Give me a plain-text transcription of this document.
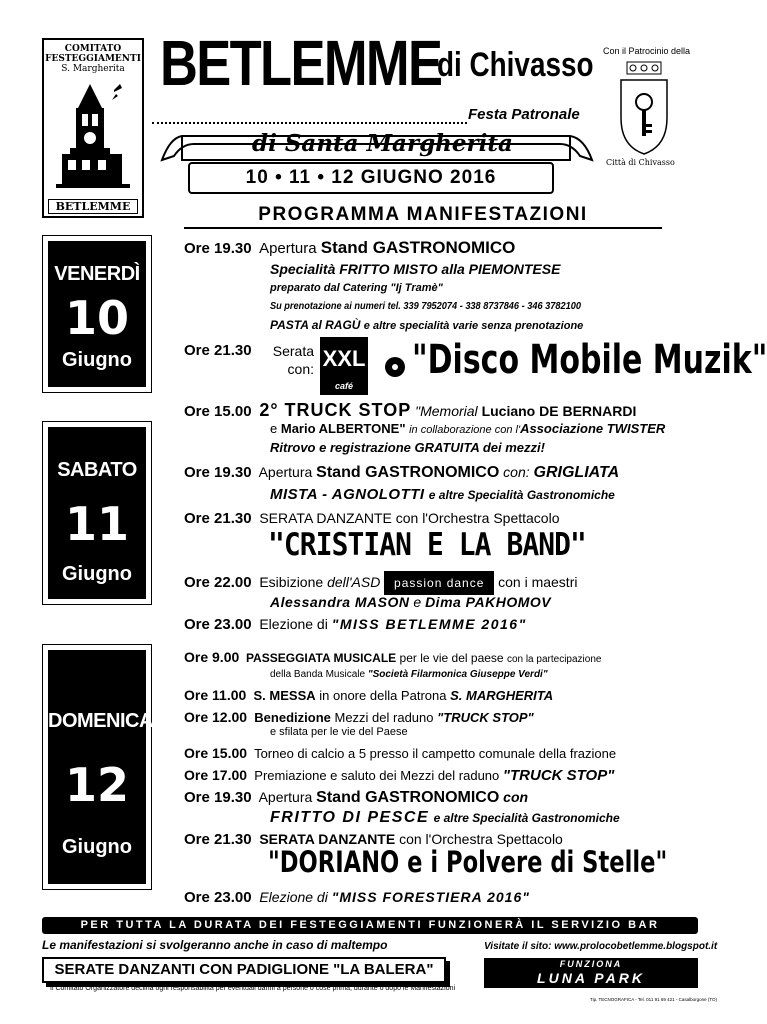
COMITATO
FESTEGGIAMENTI
S. Margherita
BETLEMME
BETLEMME
di Chivasso
Festa Patronale
di Santa Margherita
10 • 11 • 12 GIUGNO 2016
Con il Patrocinio della
Città di Chivasso
PROGRAMMA MANIFESTAZIONI
VENERDÌ
10
Giugno
SABATO
11
Giugno
DOMENICA
12
Giugno
Ore 19.30 Apertura Stand GASTRONOMICO
Specialità FRITTO MISTO alla PIEMONTESE
preparato dal Catering "Ij Tramè"
Su prenotazione ai numeri tel. 339 7952074 - 338 8737846 - 346 3782100
PASTA al RAGÙ e altre specialità varie senza prenotazione
Ore 21.30 Serata
con: XXL
café
"Disco Mobile Muzik"
Ore 15.00 2° TRUCK STOP "Memorial Luciano DE BERNARDI
e Mario ALBERTONE" in collaborazione con l'Associazione TWISTER
Ritrovo e registrazione GRATUITA dei mezzi!
Ore 19.30 Apertura Stand GASTRONOMICO con: GRIGLIATA
MISTA - AGNOLOTTI e altre Specialità Gastronomiche
Ore 21.30 SERATA DANZANTE con l'Orchestra Spettacolo
"CRISTIAN E LA BAND"
Ore 22.00 Esibizione dell'ASD passion dance con i maestri
Alessandra MASON e Dima PAKHOMOV
Ore 23.00 Elezione di "MISS BETLEMME 2016"
Ore 9.00 PASSEGGIATA MUSICALE per le vie del paese con la partecipazione
della Banda Musicale "Società Filarmonica Giuseppe Verdi"
Ore 11.00 S. MESSA in onore della Patrona S. MARGHERITA
Ore 12.00 Benedizione Mezzi del raduno "TRUCK STOP"
e sfilata per le vie del Paese
Ore 15.00 Torneo di calcio a 5 presso il campetto comunale della frazione
Ore 17.00 Premiazione e saluto dei Mezzi del raduno "TRUCK STOP"
Ore 19.30 Apertura Stand GASTRONOMICO con
FRITTO DI PESCE e altre Specialità Gastronomiche
Ore 21.30 SERATA DANZANTE con l'Orchestra Spettacolo
"DORIANO e i Polvere di Stelle"
Ore 23.00 Elezione di "MISS FORESTIERA 2016"
PER TUTTA LA DURATA DEI FESTEGGIAMENTI FUNZIONERÀ IL SERVIZIO BAR
Le manifestazioni si svolgeranno anche in caso di maltempo	Visitate il sito: www.prolocobetlemme.blogspot.it
SERATE DANZANTI CON PADIGLIONE "LA BALERA"	FUNZIONA
LUNA PARK
Il Comitato Organizzatore declina ogni responsabilità per eventuali danni a persone o cose prima, durante o dopo le Manifestazioni
Tip. TECNOGRAFICA - Tel. 011 91 69 421 - Casalborgone (TO)
